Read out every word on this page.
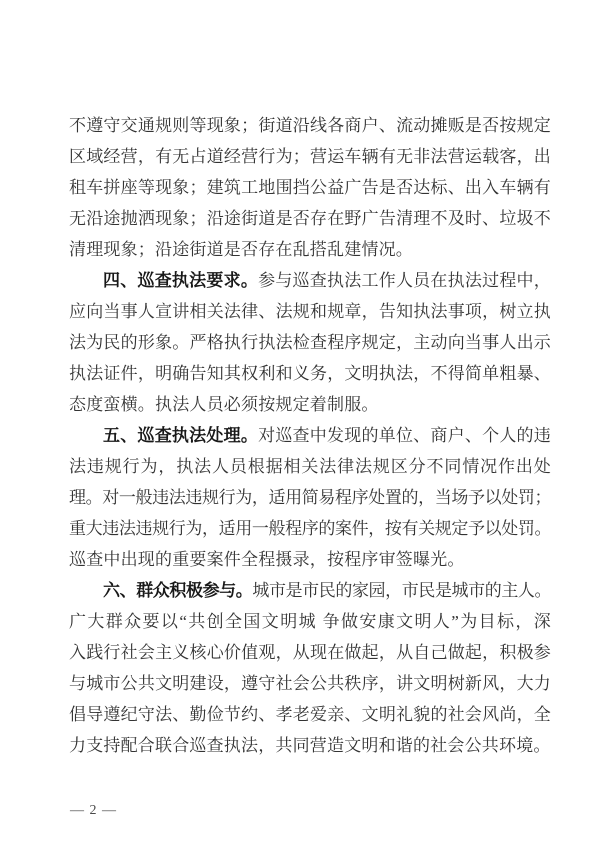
不遵守交通规则等现象；街道沿线各商户、流动摊贩是否按规定
区域经营，有无占道经营行为；营运车辆有无非法营运载客，出
租车拼座等现象；建筑工地围挡公益广告是否达标、出入车辆有
无沿途抛洒现象；沿途街道是否存在野广告清理不及时、垃圾不
清理现象；沿途街道是否存在乱搭乱建情况。
四、巡查执法要求。参与巡查执法工作人员在执法过程中，
应向当事人宣讲相关法律、法规和规章，告知执法事项，树立执
法为民的形象。严格执行执法检查程序规定，主动向当事人出示
执法证件，明确告知其权利和义务，文明执法，不得简单粗暴、
态度蛮横。执法人员必须按规定着制服。
五、巡查执法处理。对巡查中发现的单位、商户、个人的违
法违规行为，执法人员根据相关法律法规区分不同情况作出处
理。对一般违法违规行为，适用简易程序处置的，当场予以处罚；
重大违法违规行为，适用一般程序的案件，按有关规定予以处罚。
巡查中出现的重要案件全程摄录，按程序审签曝光。
六、群众积极参与。城市是市民的家园，市民是城市的主人。
广大群众要以“共创全国文明城 争做安康文明人”为目标，深
入践行社会主义核心价值观，从现在做起，从自己做起，积极参
与城市公共文明建设，遵守社会公共秩序，讲文明树新风，大力
倡导遵纪守法、勤俭节约、孝老爱亲、文明礼貌的社会风尚，全
力支持配合联合巡查执法，共同营造文明和谐的社会公共环境。
— 2 —
